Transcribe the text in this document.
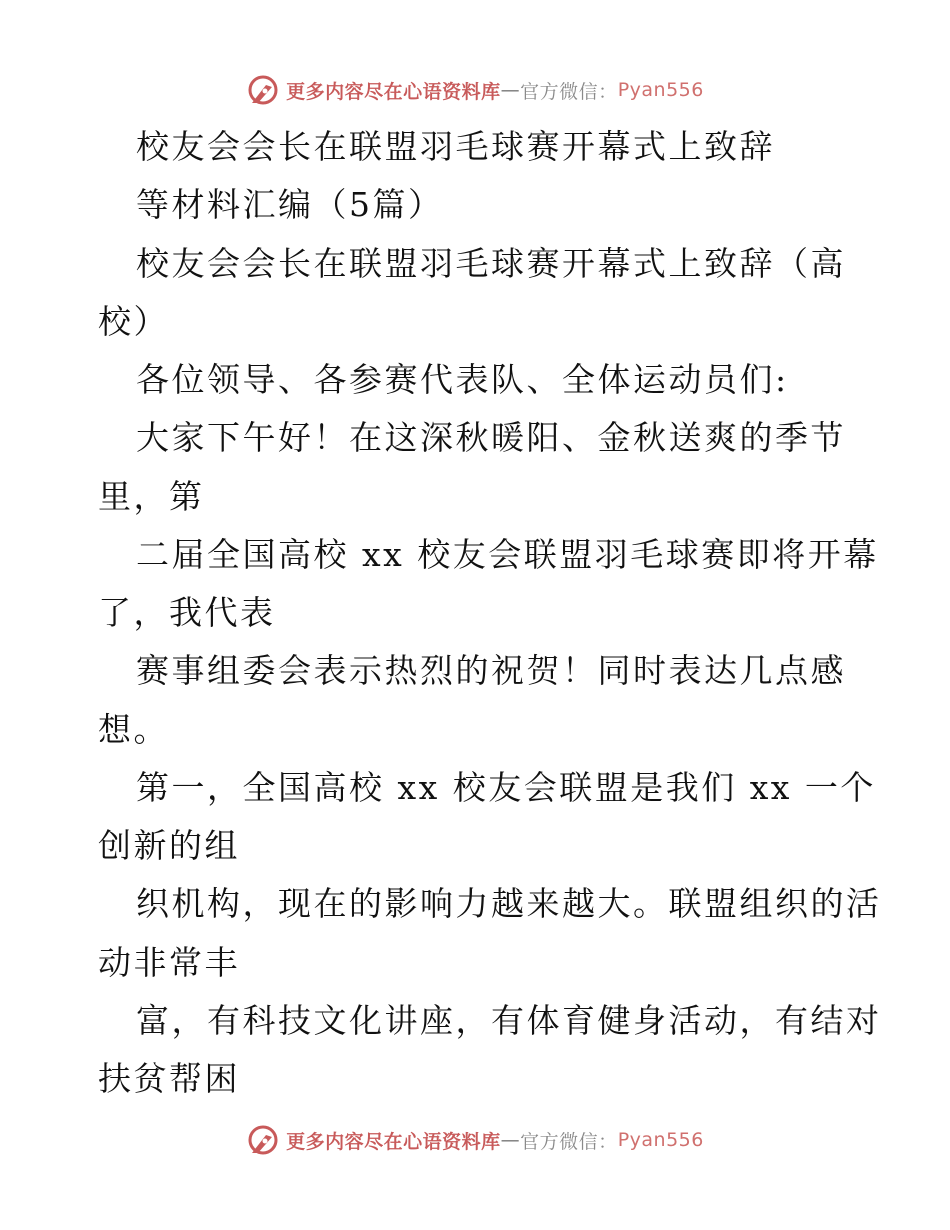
更多内容尽在心语资料库 — 官方微信： Pyan556
校友会会长在联盟羽毛球赛开幕式上致辞
等材料汇编（5篇）
校友会会长在联盟羽毛球赛开幕式上致辞（高
校）
各位领导、各参赛代表队、全体运动员们:
大家下午好！在这深秋暖阳、金秋送爽的季节
里，第
二届全国高校 xx 校友会联盟羽毛球赛即将开幕
了，我代表
赛事组委会表示热烈的祝贺！同时表达几点感
想。
第一，全国高校 xx 校友会联盟是我们 xx 一个
创新的组
织机构，现在的影响力越来越大。联盟组织的活
动非常丰
富，有科技文化讲座，有体育健身活动，有结对
扶贫帮困
更多内容尽在心语资料库 — 官方微信： Pyan556
